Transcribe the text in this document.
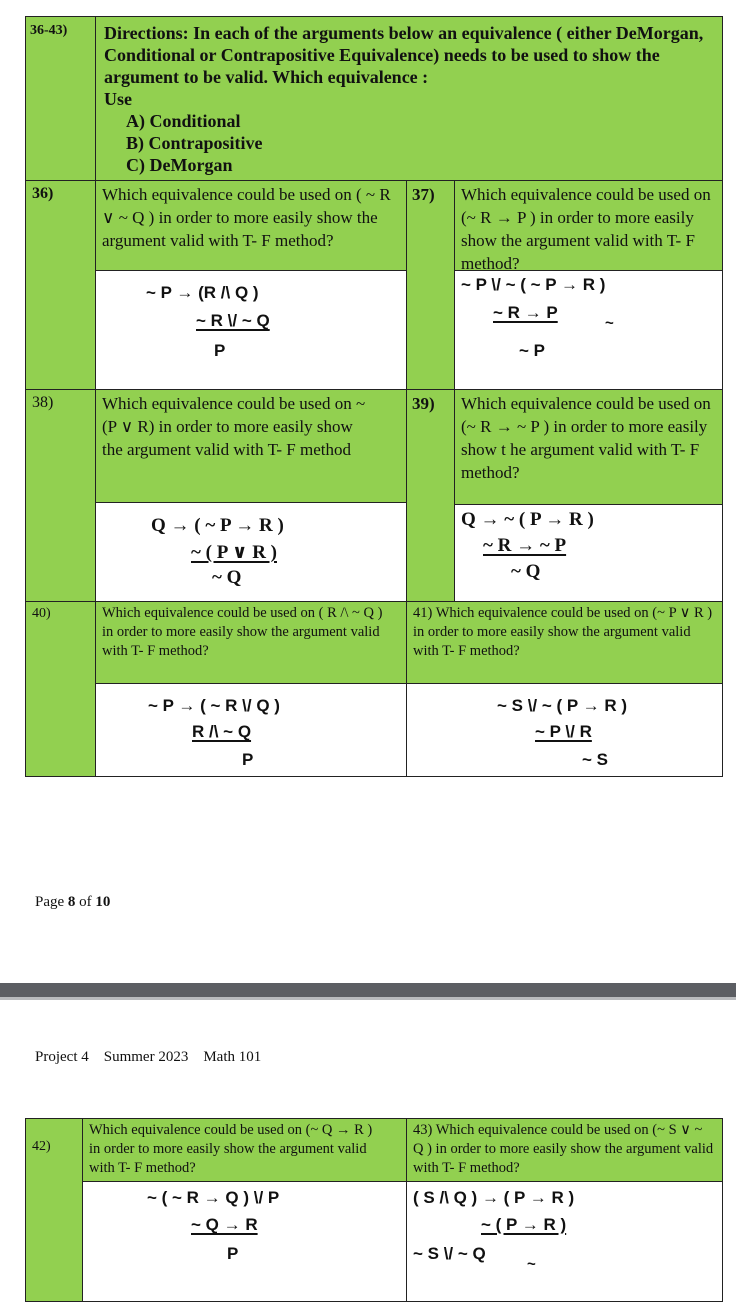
36-43)	Directions: In each of the arguments below an equivalence ( either DeMorgan, Conditional or Contrapositive Equivalence) needs to be used to show the argument to be valid. Which equivalence :
Use
A) Conditional
B) Contrapositive
C) DeMorgan
36)	Which equivalence could be used on ( ~ R ∨ ~ Q ) in order to more easily show the argument valid with T- F method?
~ P → (R /\ Q )
~ R \/ ~ Q
P
37)	Which equivalence could be used on (~ R → P ) in order to more easily show the argument valid with T- F method?
~ P \/ ~ ( ~ P → R )
~ R → P
~
~ P
38)	Which equivalence could be used on ~ (P ∨ R) in order to more easily show the argument valid with T- F method
Q → ( ~ P → R )
~ ( P ∨ R )
~ Q
39)	Which equivalence could be used on (~ R → ~ P ) in order to more easily show t he argument valid with T- F method?
Q → ~ ( P → R )
~ R → ~ P
~ Q
40)	Which equivalence could be used on ( R /\ ~ Q ) in order to more easily show the argument valid with T- F method?
~ P → ( ~ R \/ Q )
R /\ ~ Q
P
41) Which equivalence could be used on (~ P ∨ R ) in order to more easily show the argument valid with T- F method?
~ S \/ ~ ( P → R )
~ P \/ R
~ S
Page 8 of 10
Project 4    Summer 2023    Math 101
42)
Which equivalence could be used on (~ Q → R ) in order to more easily show the argument valid with T- F method?
~ ( ~ R → Q ) \/ P
~ Q → R
P
43) Which equivalence could be used on (~ S ∨ ~ Q ) in order to more easily show the argument valid with T- F method?
( S /\ Q ) → ( P → R )
~ ( P → R )
~ S \/ ~ Q
~
